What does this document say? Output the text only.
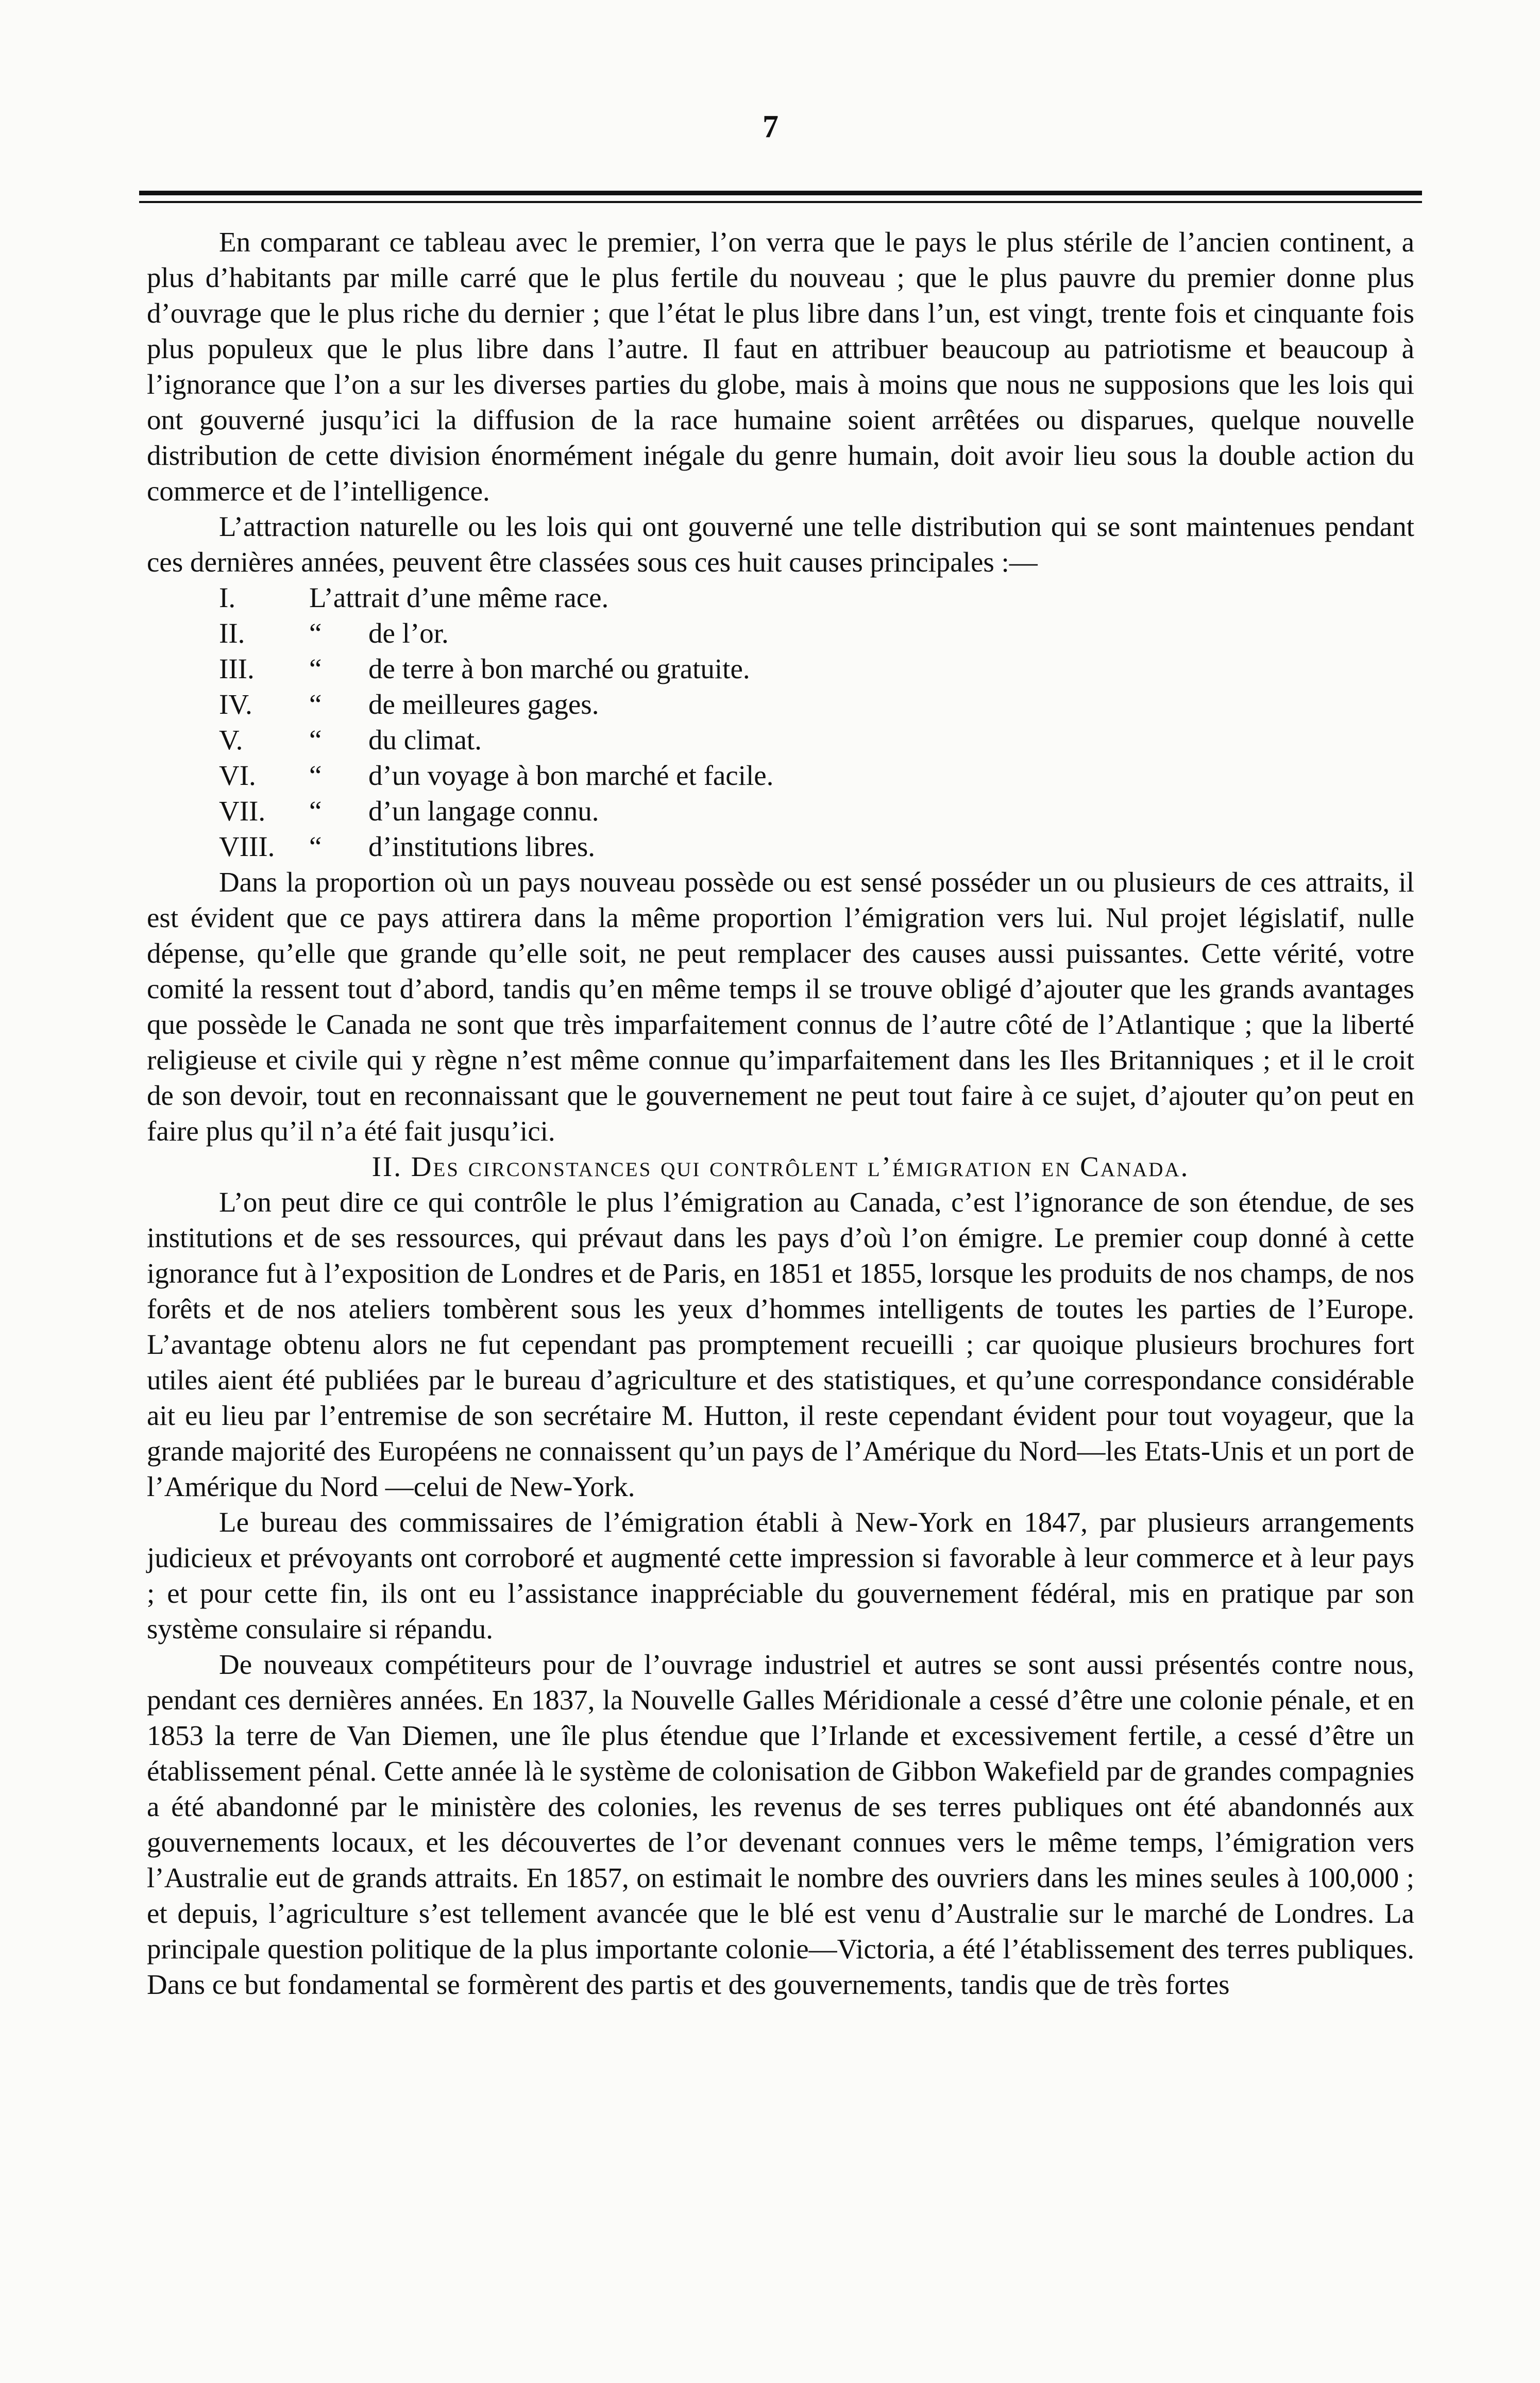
7

En comparant ce tableau avec le premier, l’on verra que le pays le plus stérile de l’ancien continent, a plus d’habitants par mille carré que le plus fertile du nouveau ; que le plus pauvre du premier donne plus d’ouvrage que le plus riche du dernier ; que l’état le plus libre dans l’un, est vingt, trente fois et cinquante fois plus populeux que le plus libre dans l’autre. Il faut en attribuer beaucoup au patriotisme et beaucoup à l’ignorance que l’on a sur les diverses parties du globe, mais à moins que nous ne supposions que les lois qui ont gouverné jusqu’ici la diffusion de la race humaine soient arrêtées ou disparues, quelque nouvelle distribution de cette division énormément inégale du genre humain, doit avoir lieu sous la double action du commerce et de l’intelligence.

L’attraction naturelle ou les lois qui ont gouverné une telle distribution qui se sont maintenues pendant ces dernières années, peuvent être classées sous ces huit causes principales :—

I.	L’attrait d’une même race.
II.	“	de l’or.
III.	“	de terre à bon marché ou gratuite.
IV.	“	de meilleures gages.
V.	“	du climat.
VI.	“	d’un voyage à bon marché et facile.
VII.	“	d’un langage connu.
VIII.	“	d’institutions libres.

Dans la proportion où un pays nouveau possède ou est sensé posséder un ou plusieurs de ces attraits, il est évident que ce pays attirera dans la même proportion l’émigration vers lui. Nul projet législatif, nulle dépense, qu’elle que grande qu’elle soit, ne peut remplacer des causes aussi puissantes. Cette vérité, votre comité la ressent tout d’abord, tandis qu’en même temps il se trouve obligé d’ajouter que les grands avantages que possède le Canada ne sont que très imparfaitement connus de l’autre côté de l’Atlantique ; que la liberté religieuse et civile qui y règne n’est même connue qu’imparfaitement dans les Iles Britanniques ; et il le croit de son devoir, tout en reconnaissant que le gouvernement ne peut tout faire à ce sujet, d’ajouter qu’on peut en faire plus qu’il n’a été fait jusqu’ici.

II. Des circonstances qui contrôlent l’émigration en Canada.

L’on peut dire ce qui contrôle le plus l’émigration au Canada, c’est l’ignorance de son étendue, de ses institutions et de ses ressources, qui prévaut dans les pays d’où l’on émigre. Le premier coup donné à cette ignorance fut à l’exposition de Londres et de Paris, en 1851 et 1855, lorsque les produits de nos champs, de nos forêts et de nos ateliers tombèrent sous les yeux d’hommes intelligents de toutes les parties de l’Europe. L’avantage obtenu alors ne fut cependant pas promptement recueilli ; car quoique plusieurs brochures fort utiles aient été publiées par le bureau d’agriculture et des statistiques, et qu’une correspondance considérable ait eu lieu par l’entremise de son secrétaire M. Hutton, il reste cependant évident pour tout voyageur, que la grande majorité des Européens ne connaissent qu’un pays de l’Amérique du Nord—les Etats-Unis et un port de l’Amérique du Nord —celui de New-York.

Le bureau des commissaires de l’émigration établi à New-York en 1847, par plusieurs arrangements judicieux et prévoyants ont corroboré et augmenté cette impression si favorable à leur commerce et à leur pays ; et pour cette fin, ils ont eu l’assistance inappréciable du gouvernement fédéral, mis en pratique par son système consulaire si répandu.

De nouveaux compétiteurs pour de l’ouvrage industriel et autres se sont aussi présentés contre nous, pendant ces dernières années. En 1837, la Nouvelle Galles Méridionale a cessé d’être une colonie pénale, et en 1853 la terre de Van Diemen, une île plus étendue que l’Irlande et excessivement fertile, a cessé d’être un établissement pénal. Cette année là le système de colonisation de Gibbon Wakefield par de grandes compagnies a été abandonné par le ministère des colonies, les revenus de ses terres publiques ont été abandonnés aux gouvernements locaux, et les découvertes de l’or devenant connues vers le même temps, l’émigration vers l’Australie eut de grands attraits. En 1857, on estimait le nombre des ouvriers dans les mines seules à 100,000 ; et depuis, l’agriculture s’est tellement avancée que le blé est venu d’Australie sur le marché de Londres. La principale question politique de la plus importante colonie—Victoria, a été l’établissement des terres publiques. Dans ce but fondamental se formèrent des partis et des gouvernements, tandis que de très fortes
